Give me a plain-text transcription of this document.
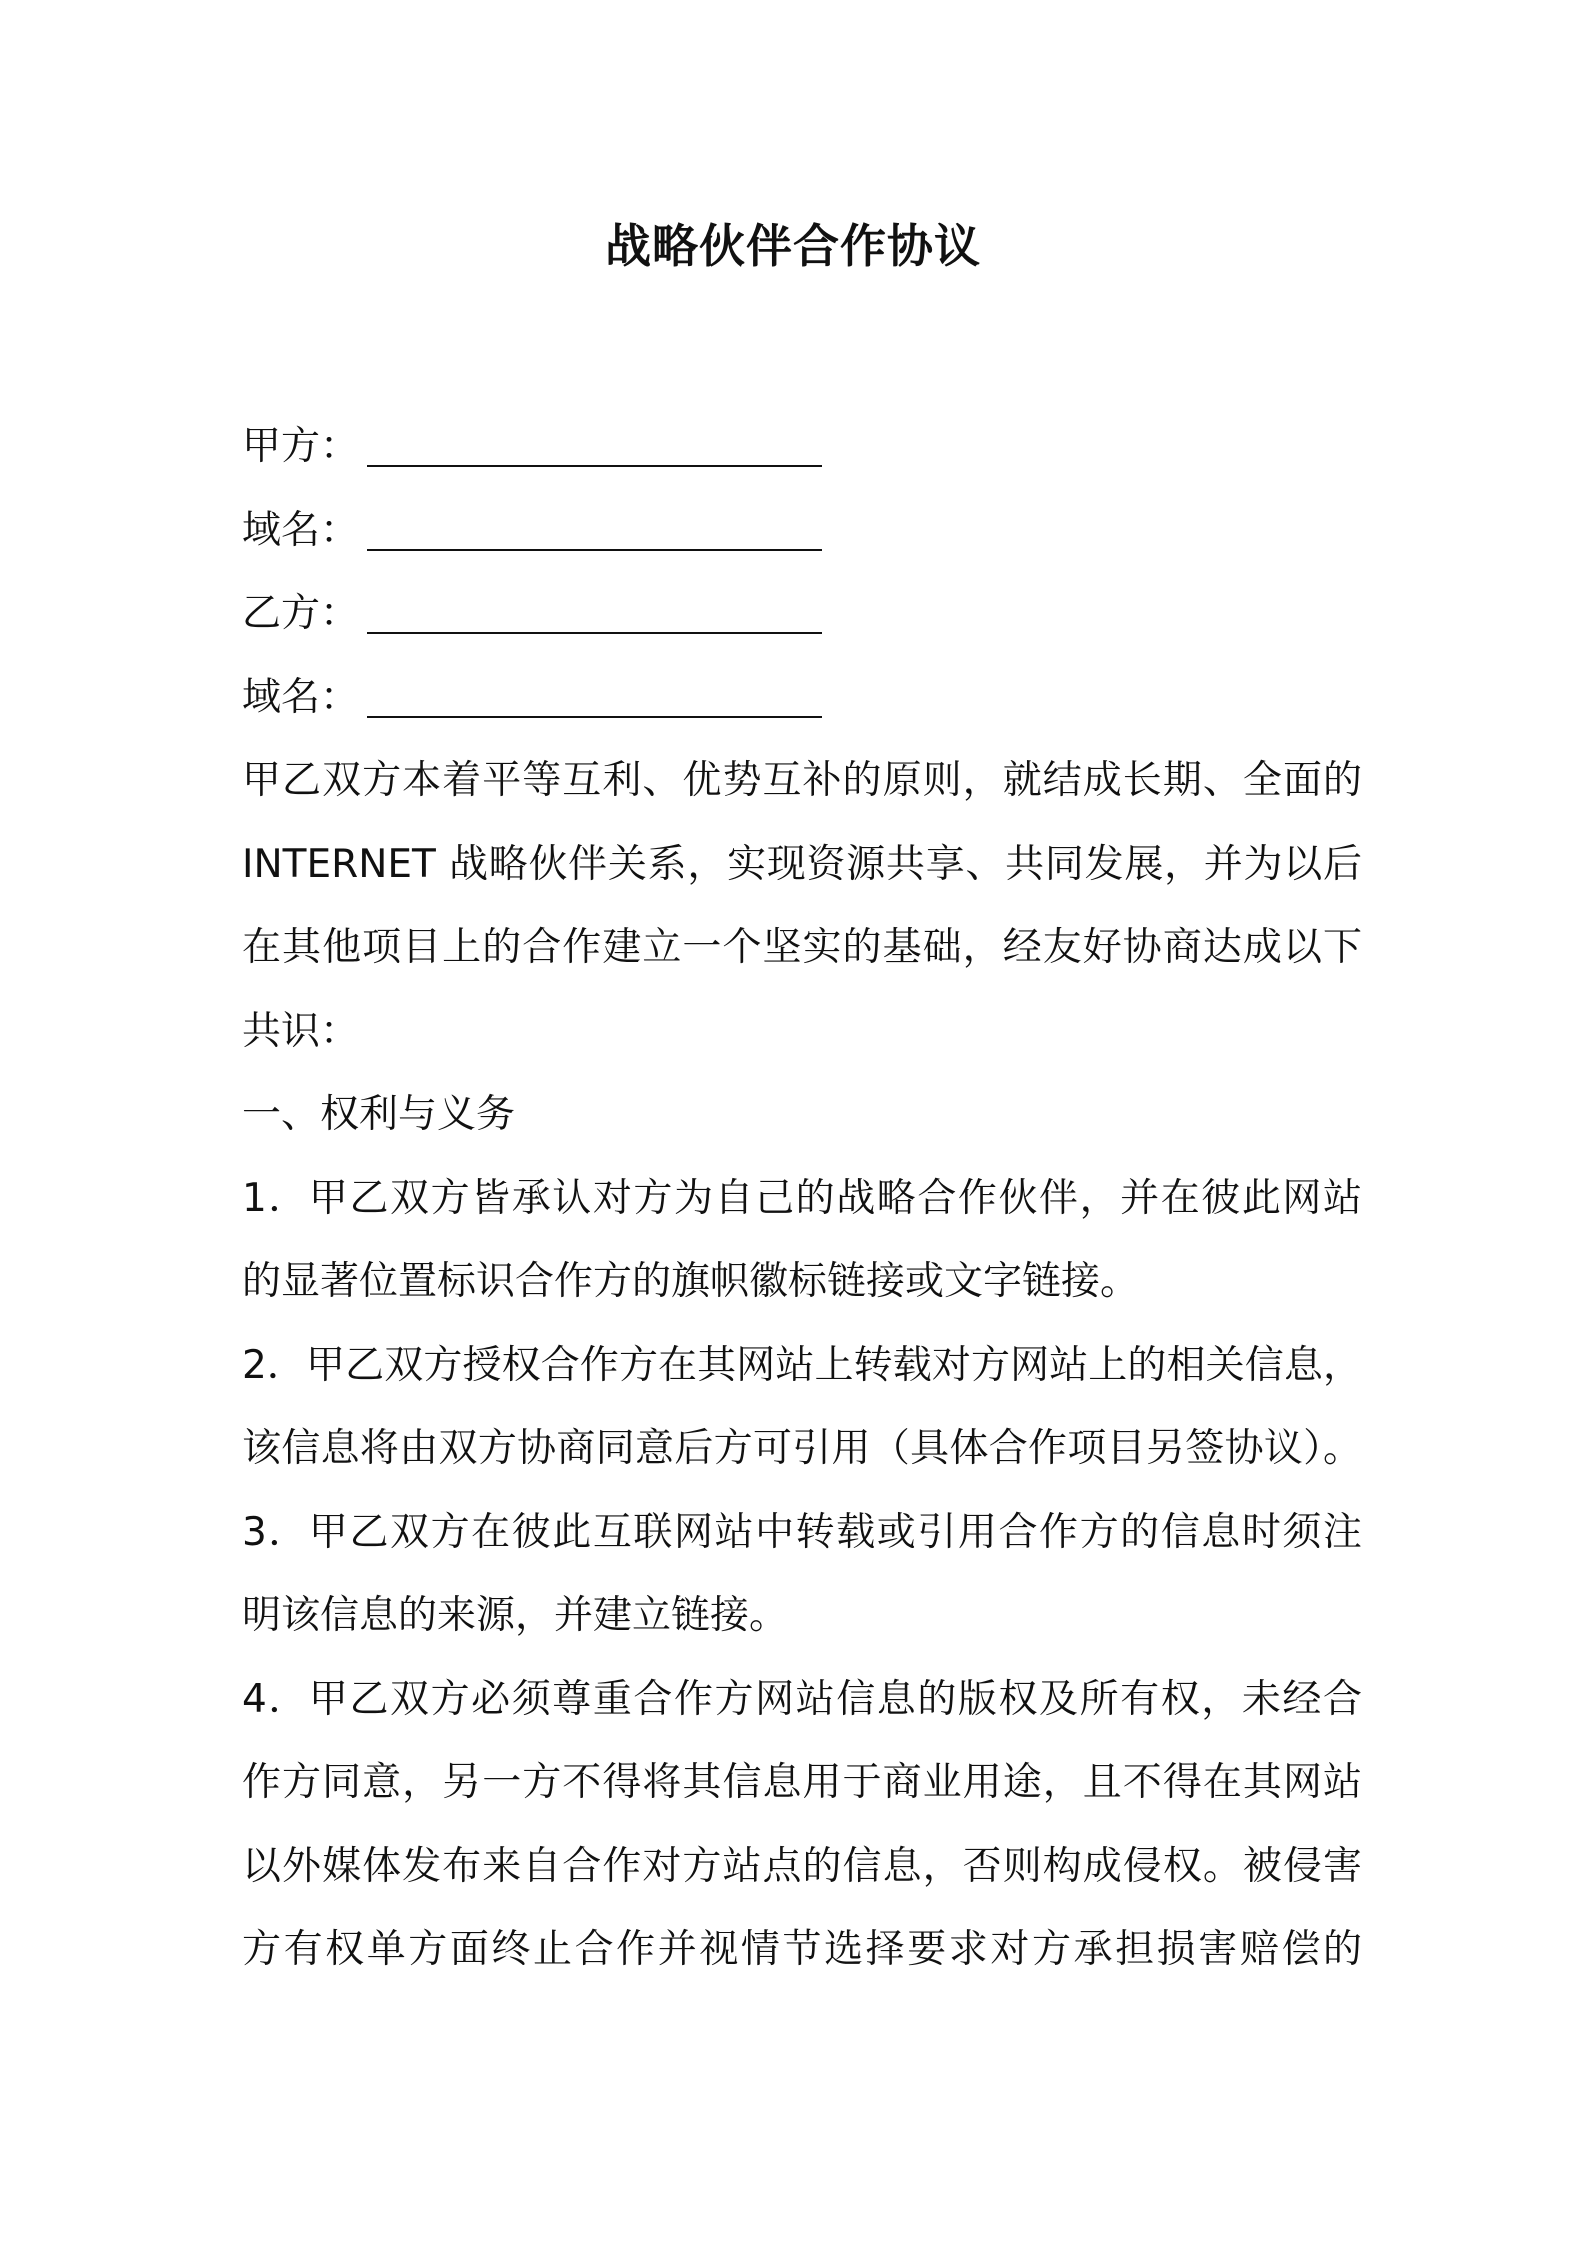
战略伙伴合作协议
甲方：
域名：
乙方：
域名：

甲乙双方本着平等互利、优势互补的原则，就结成长期、全面的

INTERNET 战略伙伴关系，实现资源共享、共同发展，并为以后

在其他项目上的合作建立一个坚实的基础，经友好协商达成以下

共识：

一、权利与义务

1．甲乙双方皆承认对方为自己的战略合作伙伴，并在彼此网站

的显著位置标识合作方的旗帜徽标链接或文字链接。

2．甲乙双方授权合作方在其网站上转载对方网站上的相关信息，

该信息将由双方协商同意后方可引用（具体合作项目另签协议）。

3．甲乙双方在彼此互联网站中转载或引用合作方的信息时须注

明该信息的来源，并建立链接。

4．甲乙双方必须尊重合作方网站信息的版权及所有权，未经合

作方同意，另一方不得将其信息用于商业用途，且不得在其网站

以外媒体发布来自合作对方站点的信息，否则构成侵权。被侵害

方有权单方面终止合作并视情节选择要求对方承担损害赔偿的
